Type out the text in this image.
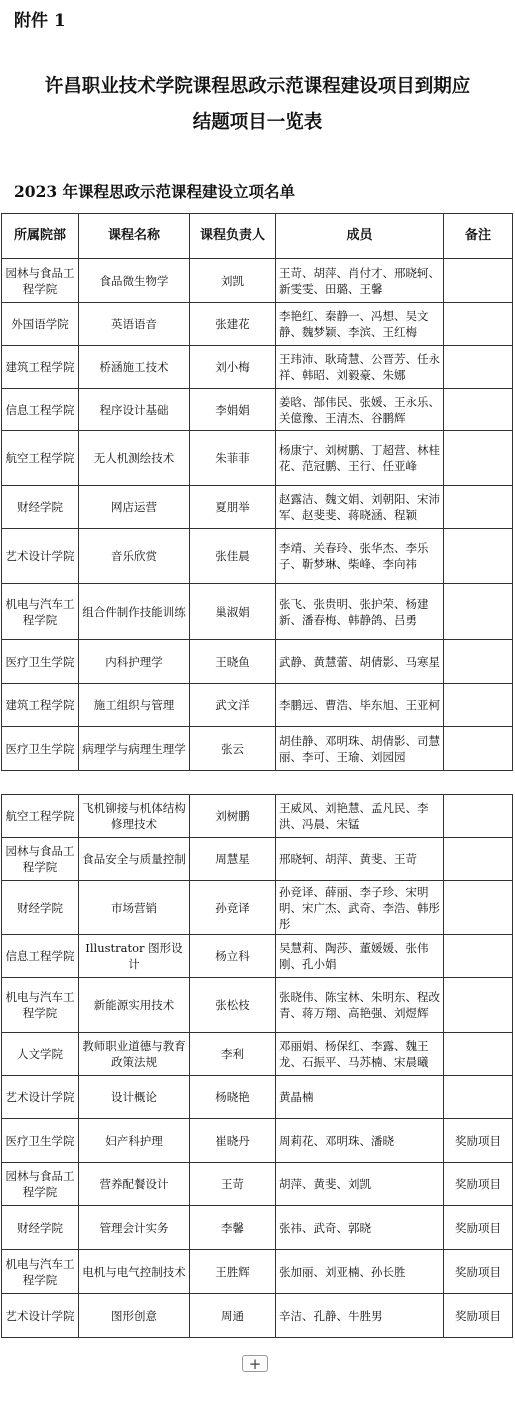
附件 1
许昌职业技术学院课程思政示范课程建设项目到期应
结题项目一览表
2023 年课程思政示范课程建设立项名单
所属院部	课程名称	课程负责人	成员	备注
园林与食品工程学院	食品微生物学	刘凯	王苛、胡萍、肖付才、邢晓轲、新雯雯、田璐、王馨	
外国语学院	英语语音	张建花	李艳红、秦静一、冯想、吴文静、魏梦颖、李滨、王红梅	
建筑工程学院	桥涵施工技术	刘小梅	王玮沛、耿琦慧、公晋芳、任永祥、韩昭、刘毅豪、朱娜	
信息工程学院	程序设计基础	李娟娟	姜晗、郜伟民、张媛、王永乐、关億豫、王清杰、谷鹏辉	
航空工程学院	无人机测绘技术	朱菲菲	杨康宁、刘树鹏、丁超营、林桂花、范冠鹏、王行、任亚峰	
财经学院	网店运营	夏朋举	赵露洁、魏文娟、刘朝阳、宋沛军、赵斐斐、蒋晓涵、程颖	
艺术设计学院	音乐欣赏	张佳晨	李靖、关春玲、张华杰、李乐子、靳梦琳、柴峰、李向祎	
机电与汽车工程学院	组合件制作技能训练	巢淑娟	张飞、张贵明、张护荣、杨建新、潘春梅、韩静鸽、吕勇	
医疗卫生学院	内科护理学	王晓鱼	武静、黄慧蕾、胡倩影、马寒星	
建筑工程学院	施工组织与管理	武文洋	李鹏远、曹浩、毕东旭、王亚柯	
医疗卫生学院	病理学与病理生理学	张云	胡佳静、邓明珠、胡倩影、司慧丽、李可、王瑜、刘园园	
航空工程学院	飞机铆接与机体结构修理技术	刘树鹏	王威风、刘艳慧、孟凡民、李洪、冯晨、宋锰	
园林与食品工程学院	食品安全与质量控制	周慧星	邢晓轲、胡萍、黄斐、王苛	
财经学院	市场营销	孙竞译	孙竞译、薛丽、李子珍、宋明明、宋广杰、武奇、李浩、韩彤彤	
信息工程学院	Illustrator 图形设计	杨立科	吴慧莉、陶莎、董媛媛、张伟刚、孔小娟	
机电与汽车工程学院	新能源实用技术	张松枝	张晓伟、陈宝林、朱明东、程改青、蒋万翔、高艳强、刘煜辉	
人文学院	教师职业道德与教育政策法规	李利	邓丽娟、杨保红、李露、魏王龙、石振平、马苏楠、宋晨曦	
艺术设计学院	设计概论	杨晓艳	黄晶楠	
医疗卫生学院	妇产科护理	崔晓丹	周莉花、邓明珠、潘晓	奖励项目
园林与食品工程学院	营养配餐设计	王苛	胡萍、黄斐、刘凯	奖励项目
财经学院	管理会计实务	李馨	张祎、武奇、郭晓	奖励项目
机电与汽车工程学院	电机与电气控制技术	王胜辉	张加丽、刘亚楠、孙长胜	奖励项目
艺术设计学院	图形创意	周通	辛洁、孔静、牛胜男	奖励项目
+
